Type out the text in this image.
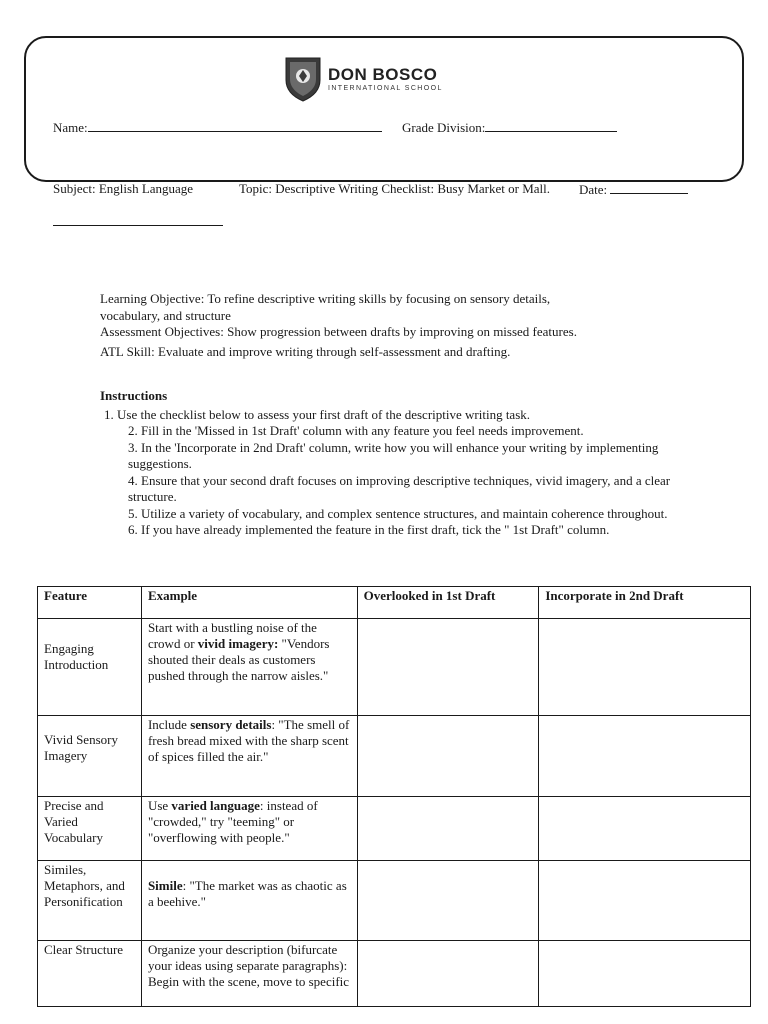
DON BOSCO
INTERNATIONAL SCHOOL
Name:	Grade Division:
Subject: English Language	Topic: Descriptive Writing Checklist: Busy Market or Mall. Date:

Learning Objective: To refine descriptive writing skills by focusing on sensory details,

vocabulary, and structure

Assessment Objectives: Show progression between drafts by improving on missed features.

ATL Skill: Evaluate and improve writing through self-assessment and drafting.

Instructions
1. Use the checklist below to assess your first draft of the descriptive writing task.
2. Fill in the 'Missed in 1st Draft' column with any feature you feel needs improvement.
3. In the 'Incorporate in 2nd Draft' column, write how you will enhance your writing by implementing suggestions.
4. Ensure that your second draft focuses on improving descriptive techniques, vivid imagery, and a clear structure.
5. Utilize a variety of vocabulary, and complex sentence structures, and maintain coherence throughout.
6. If you have already implemented the feature in the first draft, tick the " 1st Draft" column.
Feature	Example	Overlooked in 1st Draft	Incorporate in 2nd Draft
Engaging Introduction	Start with a bustling noise of the crowd or vivid imagery: "Vendors shouted their deals as customers pushed through the narrow aisles."		
Vivid Sensory Imagery	Include sensory details: "The smell of fresh bread mixed with the sharp scent of spices filled the air."		
Precise and Varied Vocabulary	Use varied language: instead of "crowded," try "teeming" or "overflowing with people."		
Similes, Metaphors, and Personification	Simile: "The market was as chaotic as a beehive."		
Clear Structure	Organize your description (bifurcate your ideas using separate paragraphs): Begin with the scene, move to specific		
